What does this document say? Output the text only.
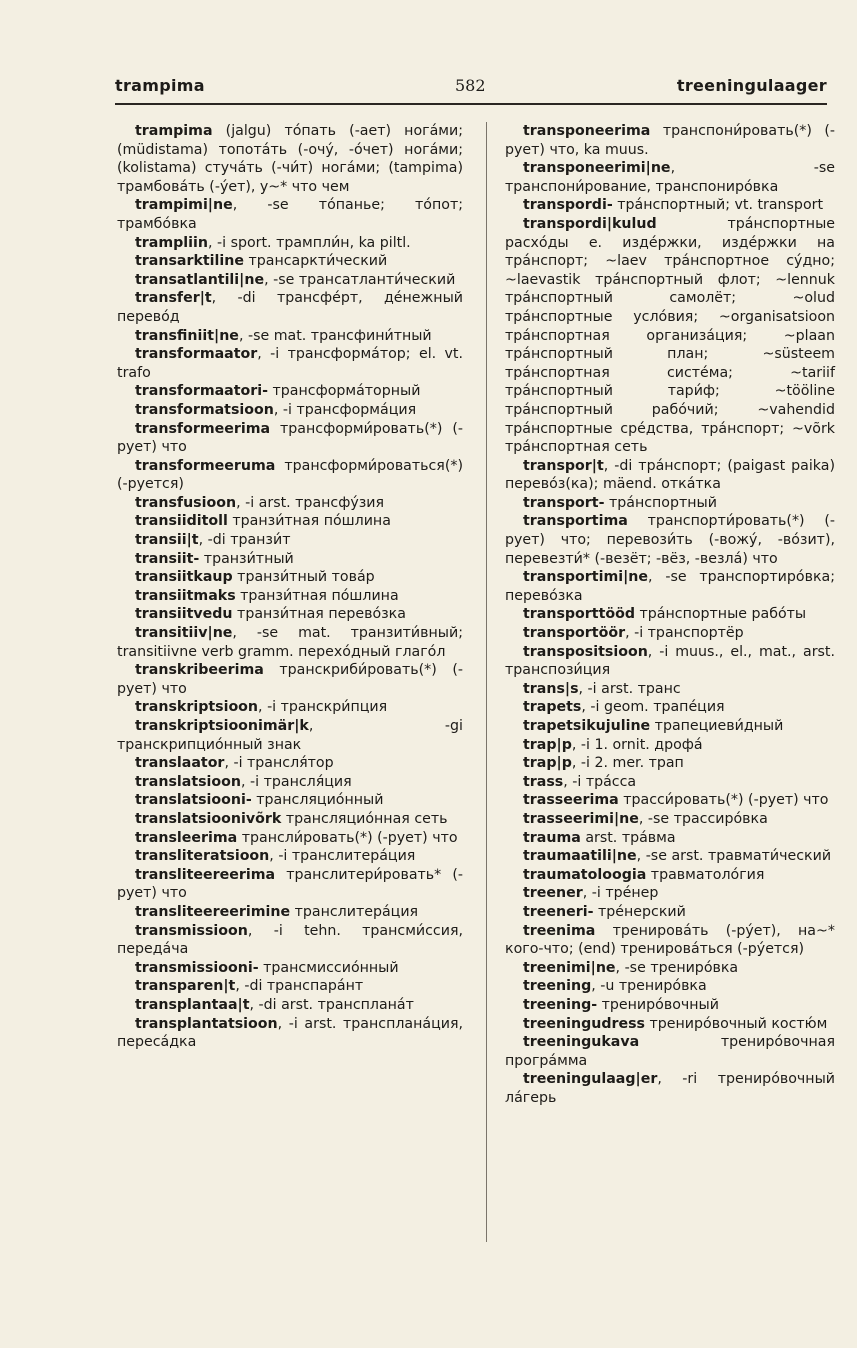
trampima	582	treeningulaager

trampima (jalgu) то́пать (-ает) нога́ми; (müdistama) топота́ть (-очу́, -о́чет) нога́ми; (kolistama) стуча́ть (-чи́т) нога́ми; (tampima) трамбова́ть (-у́ет), у~* что чем

trampimi|ne, -se то́панье; то́пот; трамбо́вка

trampliin, -i sport. трампли́н, ka piltl.

transarktiline трансаркти́ческий

transatlantili|ne, -se трансатланти́ческий

transfer|t, -di трансфе́рт, де́нежный перево́д

transfiniit|ne, -se mat. трансфини́тный

transformaator, -i трансформа́тор; el. vt. trafo

transformaatori- трансформа́торный

transformatsioon, -i трансформа́ция

transformeerima трансформи́ровать(*) (-рует) что

transformeeruma трансформи́роваться(*) (-руется)

transfusioon, -i arst. трансфу́зия

transiiditoll транзи́тная по́шлина

transii|t, -di транзи́т

transiit- транзи́тный

transiitkaup транзи́тный това́р

transiitmaks транзи́тная по́шлина

transiitvedu транзи́тная перево́зка

transitiiv|ne, -se mat. транзити́вный; transitiivne verb gramm. перехо́дный глаго́л

transkribeerima транскриби́ровать(*) (-рует) что

transkriptsioon, -i транскри́пция

transkriptsioonimär|k, -gi транскрипцио́нный знак

translaator, -i трансля́тор

translatsioon, -i трансля́ция

translatsiooni- трансляцио́нный

translatsioonivõrk трансляцио́нная сеть

transleerima трансли́ровать(*) (-рует) что

transliteratsioon, -i транслитера́ция

transliteereerima транслитери́ровать* (-рует) что

transliteereerimine транслитера́ция

transmissioon, -i tehn. трансми́ссия, переда́ча

transmissiooni- трансмиссио́нный

transparen|t, -di транспара́нт

transplantaa|t, -di arst. трансплана́т

transplantatsioon, -i arst. трансплана́ция, переса́дка

transponeerima транспони́ровать(*) (-рует) что, ka muus.

transponeerimi|ne, -se транспони́рование, транспониро́вка

transpordi- тра́нспортный; vt. transport

transpordi|kulud тра́нспортные расхо́ды e. изде́ржки, изде́ржки на тра́нспорт; ~laev тра́нспортное су́дно; ~laevastik тра́нспортный флот; ~lennuk тра́нспортный самолёт; ~olud тра́нспортные усло́вия; ~organisatsioon тра́нспортная организа́ция; ~plaan тра́нспортный план; ~süsteem тра́нспортная систе́ма; ~tariif тра́нспортный тари́ф; ~tööline тра́нспортный рабо́чий; ~vahendid тра́нспортные сре́дства, тра́нспорт; ~võrk тра́нспортная сеть

transpor|t, -di тра́нспорт; (paigast paika) перево́з(ка); mäend. отка́тка

transport- тра́нспортный

transportima транспорти́ровать(*) (-рует) что; перевози́ть (-вожу́, -во́зит), перевезти́* (-везёт; -вёз, -везла́) что

transportimi|ne, -se транспортиро́вка; перево́зка

transporttööd тра́нспортные рабо́ты

transportöör, -i транспортёр

transpositsioon, -i muus., el., mat., arst. транспози́ция

trans|s, -i arst. транс

trapets, -i geom. трапе́ция

trapetsikujuline трапециеви́дный

trap|p, -i 1. ornit. дрофа́

trap|p, -i 2. mer. трап

trass, -i тра́сса

trasseerima трасси́ровать(*) (-рует) что

trasseerimi|ne, -se трассиро́вка

trauma arst. тра́вма

traumaatili|ne, -se arst. травмати́ческий

traumatoloogia травматоло́гия

treener, -i тре́нер

treeneri- тре́нерский

treenima тренирова́ть (-ру́ет), на~* кого-что; (end) тренирова́ться (-ру́ется)

treenimi|ne, -se трениро́вка

treening, -u трениро́вка

treening- трениро́вочный

treeningudress трениро́вочный костю́м

treeningukava трениро́вочная програ́мма

treeningulaag|er, -ri трениро́вочный ла́герь
